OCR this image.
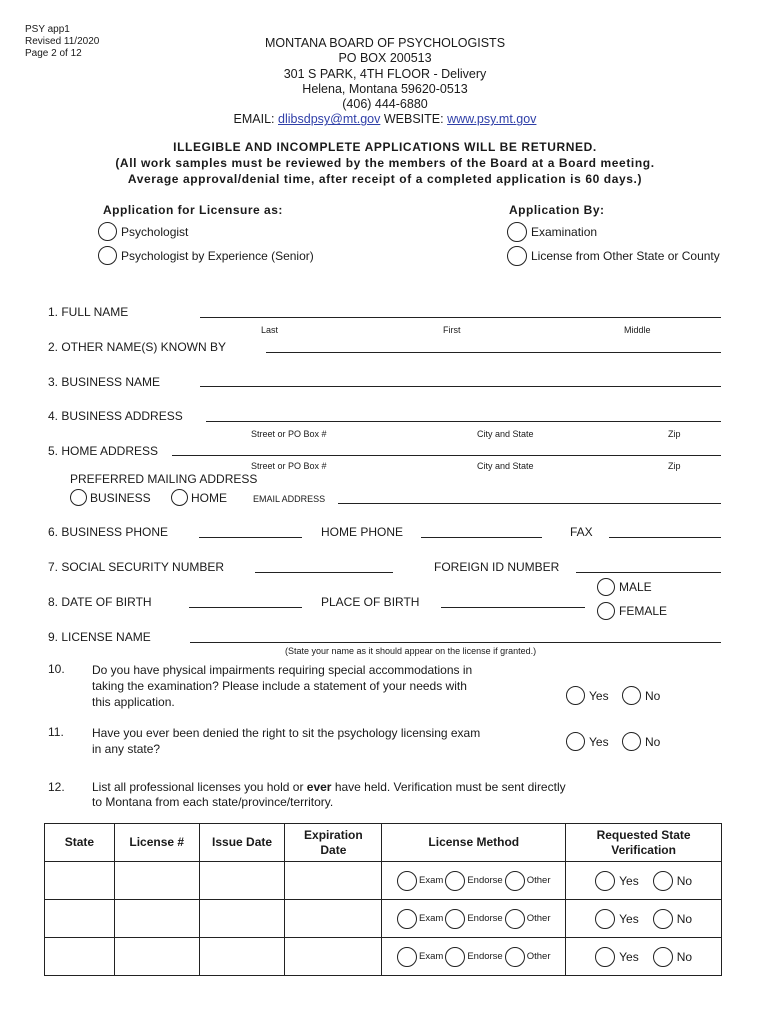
PSY app1
Revised 11/2020
Page 2 of 12
MONTANA BOARD OF PSYCHOLOGISTS
PO BOX 200513
301 S PARK, 4TH FLOOR - Delivery
Helena, Montana 59620-0513
(406) 444-6880
EMAIL: dlibsdpsy@mt.gov WEBSITE: www.psy.mt.gov
ILLEGIBLE AND INCOMPLETE APPLICATIONS WILL BE RETURNED.
(All work samples must be reviewed by the members of the Board at a Board meeting.
Average approval/denial time, after receipt of a completed application is 60 days.)
Application for Licensure as:
Psychologist
Psychologist by Experience (Senior)
Application By:
Examination
License from Other State or County
1. FULL NAME
Last	First	Middle
2. OTHER NAME(S) KNOWN BY
3. BUSINESS NAME
4. BUSINESS ADDRESS
Street or PO Box #	City and State	Zip
5. HOME ADDRESS
Street or PO Box #	City and State	Zip
PREFERRED MAILING ADDRESS
BUSINESS	HOME	EMAIL ADDRESS
6. BUSINESS PHONE	HOME PHONE	FAX
7. SOCIAL SECURITY NUMBER	FOREIGN ID NUMBER
MALE
FEMALE
8. DATE OF BIRTH	PLACE OF BIRTH
9. LICENSE NAME
(State your name as it should appear on the license if granted.)
10. Do you have physical impairments requiring special accommodations in
taking the examination? Please include a statement of your needs with
this application.	Yes	No
11. Have you ever been denied the right to sit the psychology licensing exam
in any state?
Yes	No
12. List all professional licenses you hold or ever have held. Verification must be sent directly
to Montana from each state/province/territory.
State	License #	Issue Date	Expiration Date	License Method	Requested State Verification

				Exam Endorse Other	Yes No

				Exam Endorse Other	Yes No

				Exam Endorse Other	Yes No
